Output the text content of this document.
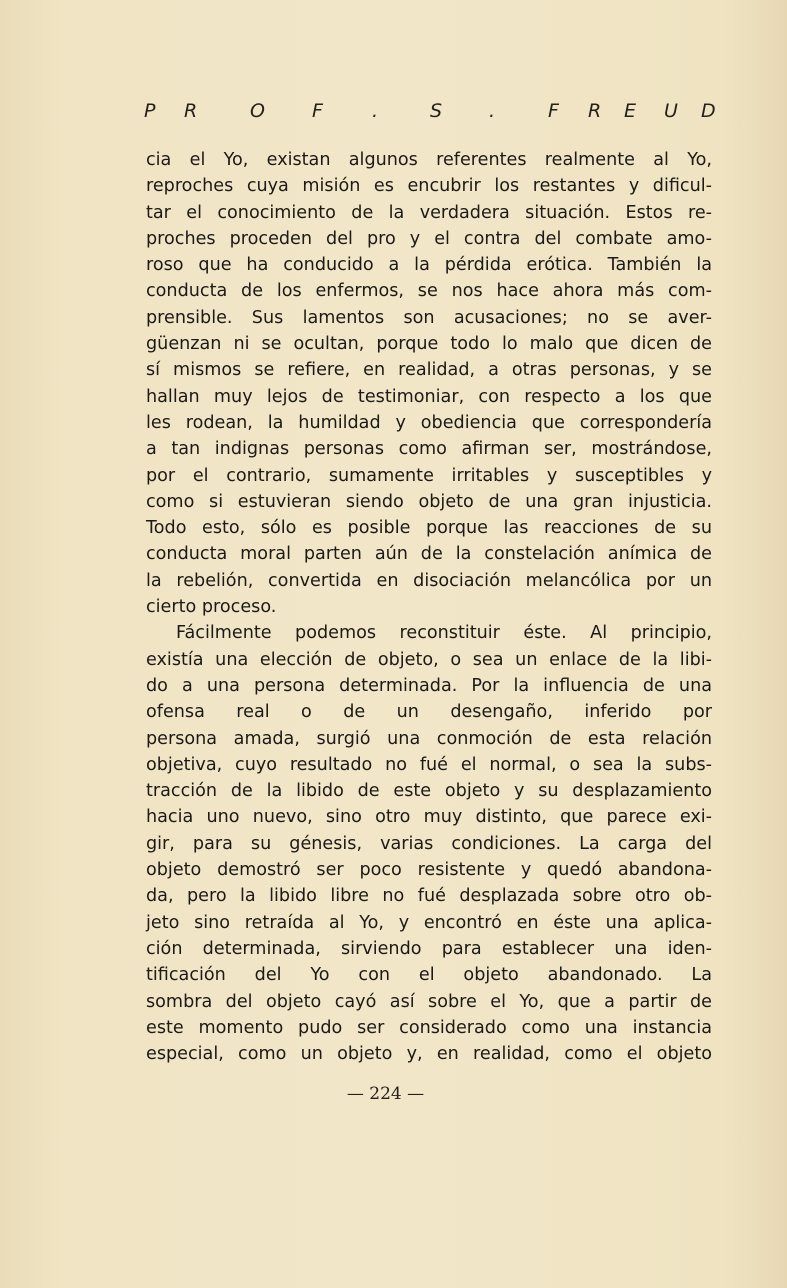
P R	O F .	S .	F R E U D
cia el Yo, existan algunos referentes realmente al Yo,
reproches cuya misión es encubrir los restantes y dificul-
tar el conocimiento de la verdadera situación. Estos re-
proches proceden del pro y el contra del combate amo-
roso que ha conducido a la pérdida erótica. También la
conducta de los enfermos, se nos hace ahora más com-
prensible. Sus lamentos son acusaciones; no se aver-
güenzan ni se ocultan, porque todo lo malo que dicen de
sí mismos se refiere, en realidad, a otras personas, y se
hallan muy lejos de testimoniar, con respecto a los que
les rodean, la humildad y obediencia que correspondería
a tan indignas personas como afirman ser, mostrándose,
por el contrario, sumamente irritables y susceptibles y
como si estuvieran siendo objeto de una gran injusticia.
Todo esto, sólo es posible porque las reacciones de su
conducta moral parten aún de la constelación anímica de
la rebelión, convertida en disociación melancólica por un
cierto proceso.
Fácilmente podemos reconstituir éste. Al principio,
existía una elección de objeto, o sea un enlace de la libi-
do a una persona determinada. Por la influencia de una
ofensa real o de un desengaño, inferido por
persona amada, surgió una conmoción de esta relación
objetiva, cuyo resultado no fué el normal, o sea la subs-
tracción de la libido de este objeto y su desplazamiento
hacia uno nuevo, sino otro muy distinto, que parece exi-
gir, para su génesis, varias condiciones. La carga del
objeto demostró ser poco resistente y quedó abandona-
da, pero la libido libre no fué desplazada sobre otro ob-
jeto sino retraída al Yo, y encontró en éste una aplica-
ción determinada, sirviendo para establecer una iden-
tificación del Yo con el objeto abandonado. La
sombra del objeto cayó así sobre el Yo, que a partir de
este momento pudo ser considerado como una instancia
especial, como un objeto y, en realidad, como el objeto
— 224 —
